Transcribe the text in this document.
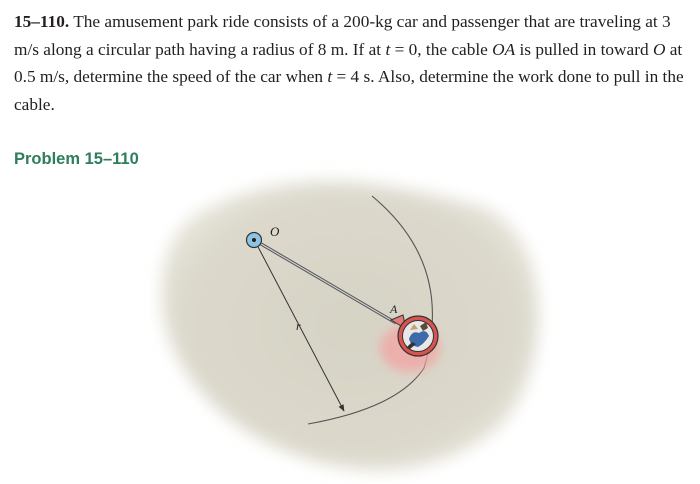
15–110. The amusement park ride consists of a 200-kg car and passenger that are traveling at 3 m/s along a circular path having a radius of 8 m. If at t = 0, the cable OA is pulled in toward O at 0.5 m/s, determine the speed of the car when t = 4 s. Also, determine the work done to pull in the cable.

Problem 15–110

r
O
A
